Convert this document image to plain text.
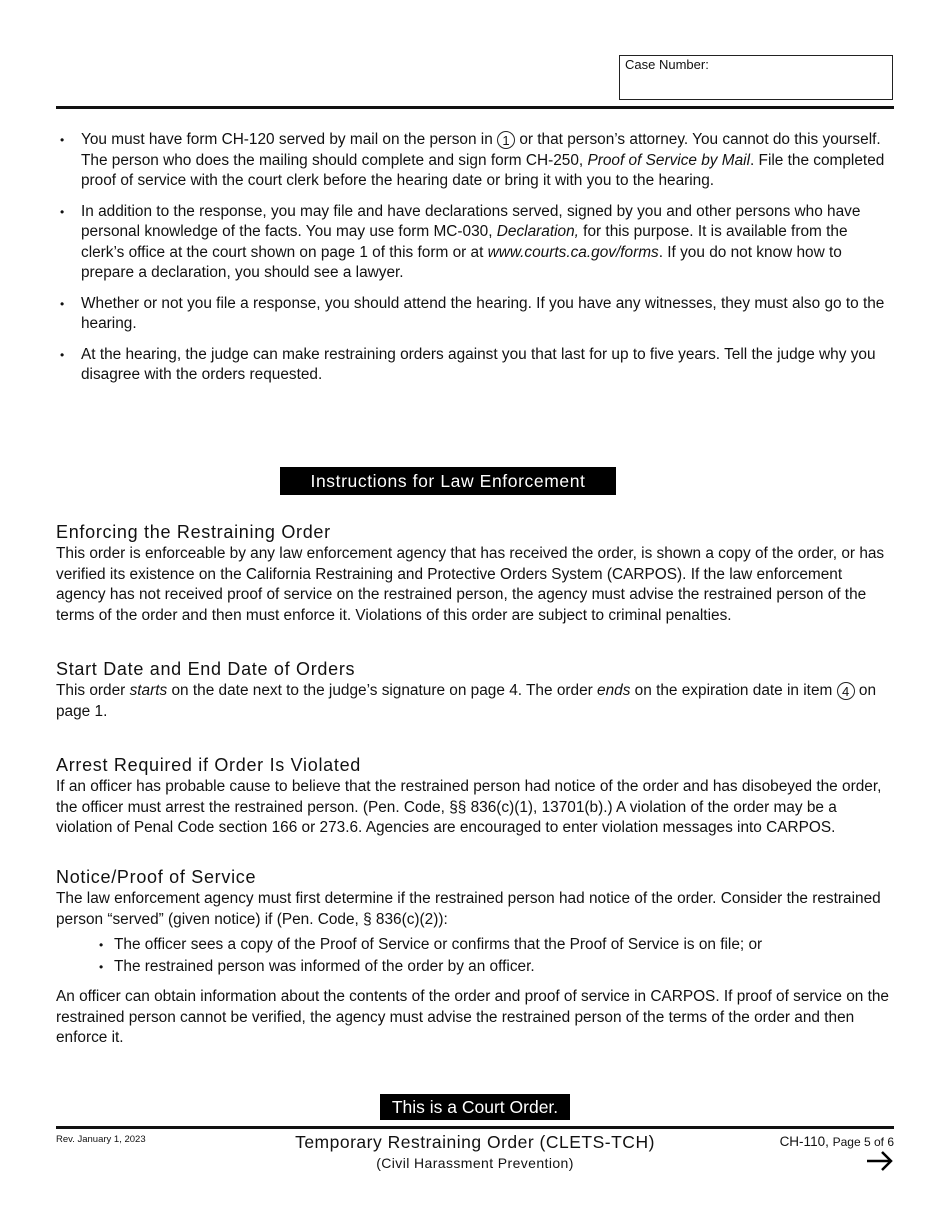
Case Number:
• You must have form CH-120 served by mail on the person in 1 or that person’s attorney. You cannot do this yourself. The person who does the mailing should complete and sign form CH-250, Proof of Service by Mail. File the completed proof of service with the court clerk before the hearing date or bring it with you to the hearing.
• In addition to the response, you may file and have declarations served, signed by you and other persons who have personal knowledge of the facts. You may use form MC-030, Declaration, for this purpose. It is available from the clerk’s office at the court shown on page 1 of this form or at www.courts.ca.gov/forms. If you do not know how to prepare a declaration, you should see a lawyer.
• Whether or not you file a response, you should attend the hearing. If you have any witnesses, they must also go to the hearing.
• At the hearing, the judge can make restraining orders against you that last for up to five years. Tell the judge why you disagree with the orders requested.
Instructions for Law Enforcement
Enforcing the Restraining Order

This order is enforceable by any law enforcement agency that has received the order, is shown a copy of the order, or has verified its existence on the California Restraining and Protective Orders System (CARPOS). If the law enforcement agency has not received proof of service on the restrained person, the agency must advise the restrained person of the terms of the order and then must enforce it. Violations of this order are subject to criminal penalties.

Start Date and End Date of Orders

This order starts on the date next to the judge’s signature on page 4. The order ends on the expiration date in item 4 on page 1.

Arrest Required if Order Is Violated

If an officer has probable cause to believe that the restrained person had notice of the order and has disobeyed the order, the officer must arrest the restrained person. (Pen. Code, §§ 836(c)(1), 13701(b).) A violation of the order may be a violation of Penal Code section 166 or 273.6. Agencies are encouraged to enter violation messages into CARPOS.

Notice/Proof of Service

The law enforcement agency must first determine if the restrained person had notice of the order. Consider the restrained person “served” (given notice) if (Pen. Code, § 836(c)(2)):

• The officer sees a copy of the Proof of Service or confirms that the Proof of Service is on file; or
• The restrained person was informed of the order by an officer.

An officer can obtain information about the contents of the order and proof of service in CARPOS. If proof of service on the restrained person cannot be verified, the agency must advise the restrained person of the terms of the order and then enforce it.

This is a Court Order.
Rev. January 1, 2023	Temporary Restraining Order (CLETS-TCH)
(Civil Harassment Prevention)
CH-110, Page 5 of 6
